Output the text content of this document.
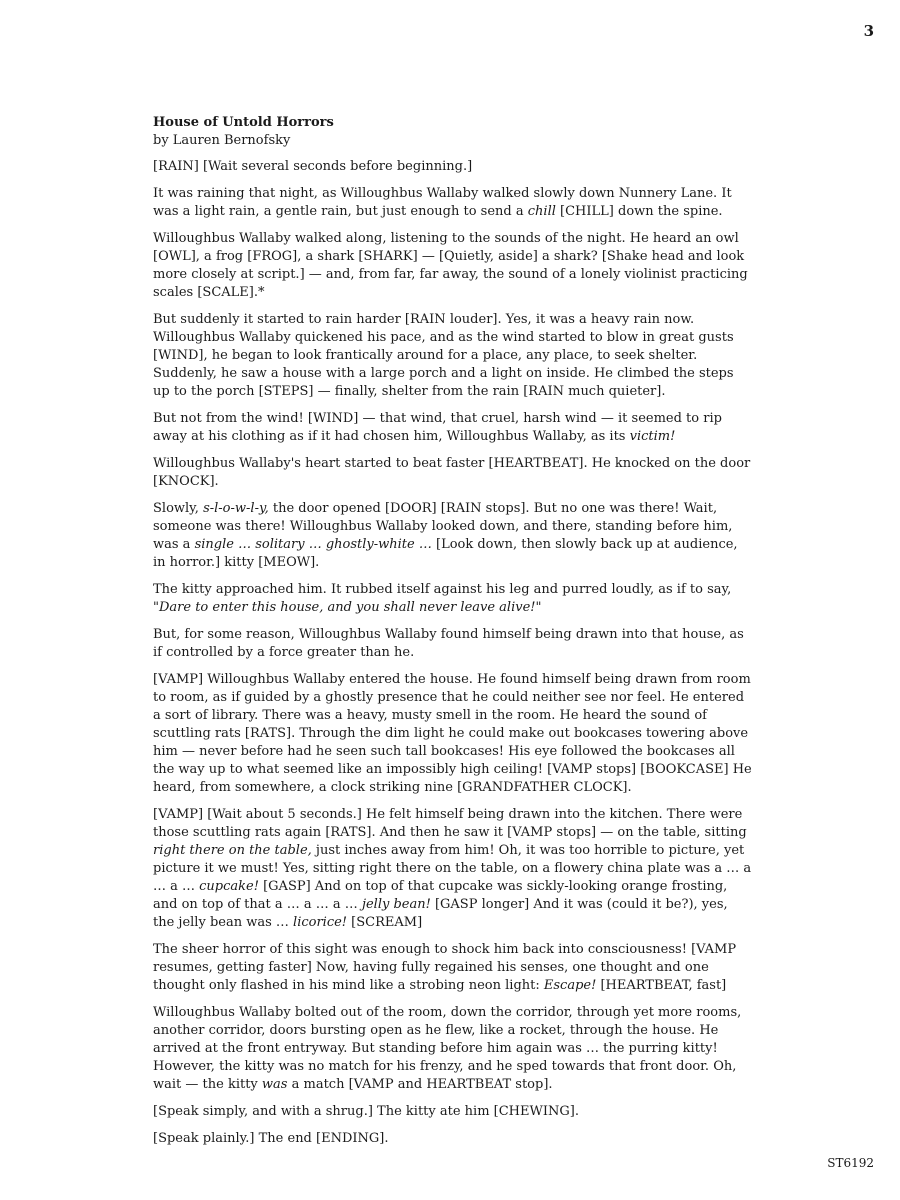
3
House of Untold Horrors
by Lauren Bernofsky

[RAIN] [Wait several seconds before beginning.]

It was raining that night, as Willoughbus Wallaby walked slowly down Nunnery Lane. It was a light rain, a gentle rain, but just enough to send a chill [CHILL] down the spine.

Willoughbus Wallaby walked along, listening to the sounds of the night. He heard an owl [OWL], a frog [FROG], a shark [SHARK] — [Quietly, aside] a shark? [Shake head and look more closely at script.] — and, from far, far away, the sound of a lonely violinist practicing scales [SCALE].*

But suddenly it started to rain harder [RAIN louder]. Yes, it was a heavy rain now. Willoughbus Wallaby quickened his pace, and as the wind started to blow in great gusts [WIND], he began to look frantically around for a place, any place, to seek shelter. Suddenly, he saw a house with a large porch and a light on inside. He climbed the steps up to the porch [STEPS] — finally, shelter from the rain [RAIN much quieter].

But not from the wind! [WIND] — that wind, that cruel, harsh wind — it seemed to rip away at his clothing as if it had chosen him, Willoughbus Wallaby, as its victim!

Willoughbus Wallaby's heart started to beat faster [HEARTBEAT]. He knocked on the door [KNOCK].

Slowly, s-l-o-w-l-y, the door opened [DOOR] [RAIN stops]. But no one was there! Wait, someone was there! Willoughbus Wallaby looked down, and there, standing before him, was a single … solitary … ghostly-white … [Look down, then slowly back up at audience, in horror.] kitty [MEOW].

The kitty approached him. It rubbed itself against his leg and purred loudly, as if to say, "Dare to enter this house, and you shall never leave alive!"

But, for some reason, Willoughbus Wallaby found himself being drawn into that house, as if controlled by a force greater than he.

[VAMP] Willoughbus Wallaby entered the house. He found himself being drawn from room to room, as if guided by a ghostly presence that he could neither see nor feel. He entered a sort of library. There was a heavy, musty smell in the room. He heard the sound of scuttling rats [RATS]. Through the dim light he could make out bookcases towering above him — never before had he seen such tall bookcases! His eye followed the bookcases all the way up to what seemed like an impossibly high ceiling! [VAMP stops] [BOOKCASE] He heard, from somewhere, a clock striking nine [GRANDFATHER CLOCK].

[VAMP] [Wait about 5 seconds.] He felt himself being drawn into the kitchen. There were those scuttling rats again [RATS]. And then he saw it [VAMP stops] — on the table, sitting right there on the table, just inches away from him! Oh, it was too horrible to picture, yet picture it we must! Yes, sitting right there on the table, on a flowery china plate was a … a … a … cupcake! [GASP] And on top of that cupcake was sickly-looking orange frosting, and on top of that a … a … a … jelly bean! [GASP longer] And it was (could it be?), yes, the jelly bean was … licorice! [SCREAM]

The sheer horror of this sight was enough to shock him back into consciousness! [VAMP resumes, getting faster] Now, having fully regained his senses, one thought and one thought only flashed in his mind like a strobing neon light: Escape! [HEARTBEAT, fast]

Willoughbus Wallaby bolted out of the room, down the corridor, through yet more rooms, another corridor, doors bursting open as he flew, like a rocket, through the house. He arrived at the front entryway. But standing before him again was … the purring kitty! However, the kitty was no match for his frenzy, and he sped towards that front door. Oh, wait — the kitty was a match [VAMP and HEARTBEAT stop].

[Speak simply, and with a shrug.] The kitty ate him [CHEWING].

[Speak plainly.] The end [ENDING].

ST6192
